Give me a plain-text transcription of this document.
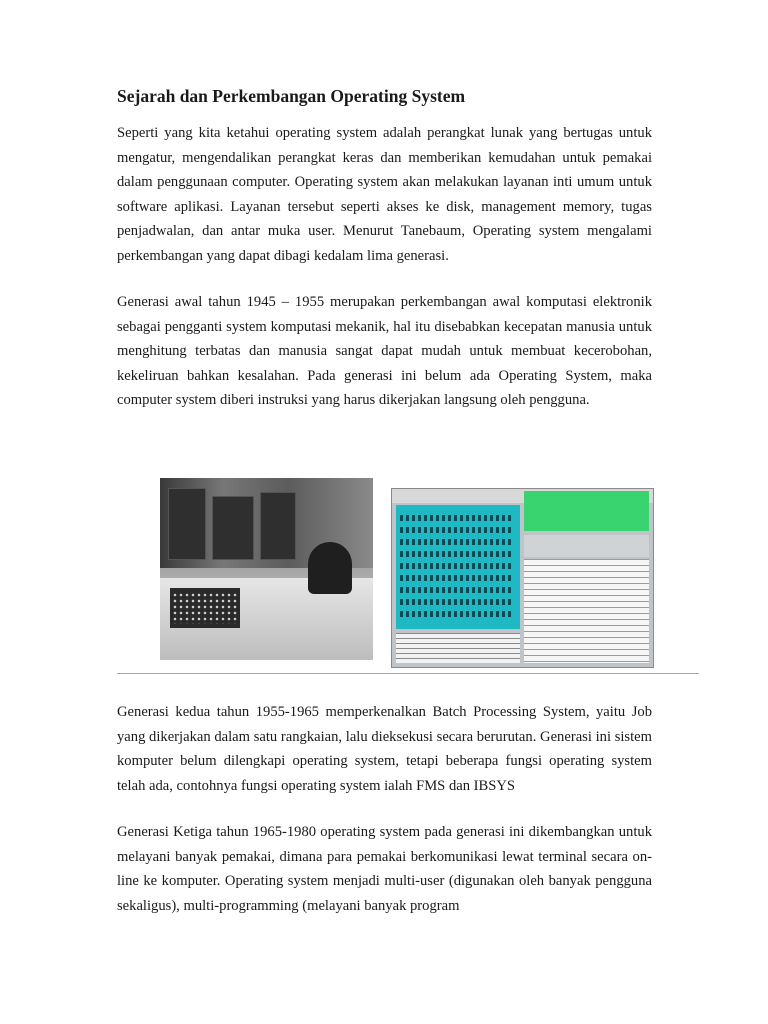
Sejarah dan Perkembangan Operating System

Seperti yang kita ketahui operating system adalah perangkat lunak yang bertugas untuk mengatur, mengendalikan perangkat keras dan memberikan kemudahan untuk pemakai dalam penggunaan computer. Operating system akan melakukan layanan inti umum untuk software aplikasi. Layanan tersebut seperti akses ke disk, management memory, tugas penjadwalan, dan antar muka user. Menurut Tanebaum, Operating system mengalami perkembangan yang dapat dibagi kedalam lima generasi.

Generasi awal tahun 1945 – 1955 merupakan perkembangan awal komputasi elektronik sebagai pengganti system komputasi mekanik, hal itu disebabkan kecepatan manusia untuk menghitung terbatas dan manusia sangat dapat mudah untuk membuat kecerobohan, kekeliruan bahkan kesalahan. Pada generasi ini belum ada Operating System, maka computer system diberi instruksi yang harus dikerjakan langsung oleh pengguna.

Generasi kedua tahun 1955-1965 memperkenalkan Batch Processing System, yaitu Job yang dikerjakan dalam satu rangkaian, lalu dieksekusi secara berurutan. Generasi ini sistem komputer belum dilengkapi operating system, tetapi beberapa fungsi operating system telah ada, contohnya fungsi operating system ialah FMS dan IBSYS

Generasi Ketiga tahun 1965-1980 operating system pada generasi ini dikembangkan untuk melayani banyak pemakai, dimana para pemakai berkomunikasi lewat terminal secara on-line ke komputer. Operating system menjadi multi-user (digunakan oleh banyak pengguna sekaligus), multi-programming (melayani banyak program
